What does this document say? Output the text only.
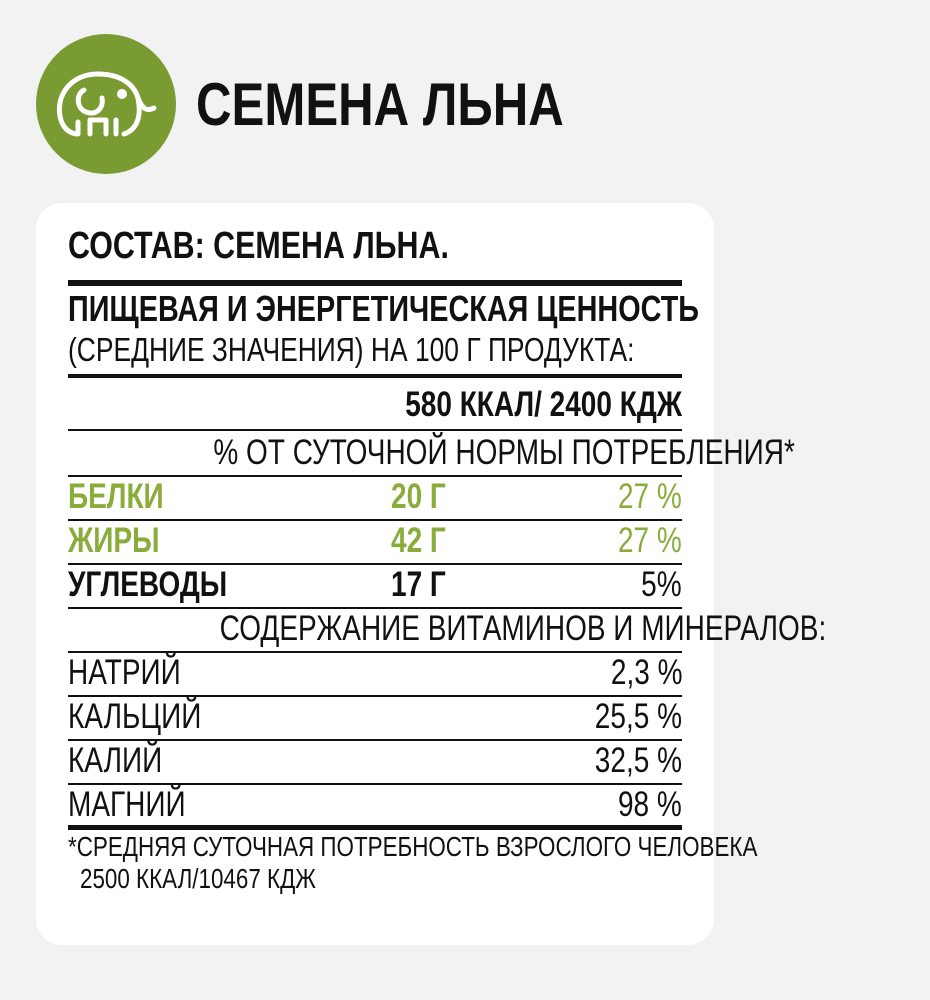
СЕМЕНА ЛЬНА
СОСТАВ: СЕМЕНА ЛЬНА.
ПИЩЕВАЯ И ЭНЕРГЕТИЧЕСКАЯ ЦЕННОСТЬ
(СРЕДНИЕ ЗНАЧЕНИЯ) НА 100 Г ПРОДУКТА:
580 ККАЛ/ 2400 КДЖ
% ОТ СУТОЧНОЙ НОРМЫ ПОТРЕБЛЕНИЯ*
БЕЛКИ	20 Г	27 %
ЖИРЫ	42 Г	27 %
УГЛЕВОДЫ	17 Г	5%
СОДЕРЖАНИЕ ВИТАМИНОВ И МИНЕРАЛОВ:
НАТРИЙ	2,3 %
КАЛЬЦИЙ	25,5 %
КАЛИЙ	32,5 %
МАГНИЙ	98 %
*СРЕДНЯЯ СУТОЧНАЯ ПОТРЕБНОСТЬ ВЗРОСЛОГО ЧЕЛОВЕКА
2500 ККАЛ/10467 КДЖ
